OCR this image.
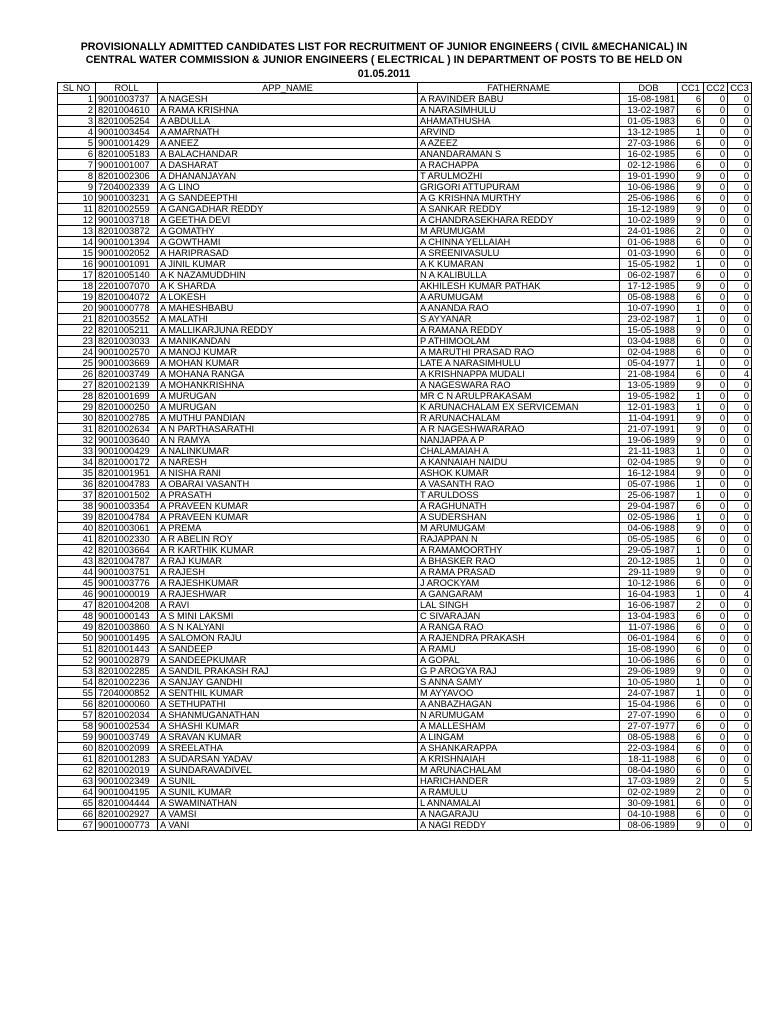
PROVISIONALLY ADMITTED CANDIDATES LIST FOR RECRUITMENT OF JUNIOR ENGINEERS ( CIVIL &MECHANICAL) IN
CENTRAL WATER COMMISSION & JUNIOR ENGINEERS ( ELECTRICAL ) IN DEPARTMENT OF POSTS TO BE HELD ON
01.05.2011
SL NO	ROLL	APP_NAME	FATHERNAME	DOB	CC1	CC2	CC3
1	9001003737	A NAGESH	A RAVINDER BABU	15-08-1981	6	0	0
2	8201004610	A RAMA KRISHNA	A NARASIMHULU	13-02-1987	6	0	0
3	8201005254	A ABDULLA	AHAMATHUSHA	01-05-1983	6	0	0
4	9001003454	A AMARNATH	ARVIND	13-12-1985	1	0	0
5	9001001429	A ANEEZ	A AZEEZ	27-03-1986	6	0	0
6	8201005183	A BALACHANDAR	ANANDARAMAN S	16-02-1985	6	0	0
7	9001001007	A DASHARAT	A RACHAPPA	02-12-1986	6	0	0
8	8201002306	A DHANANJAYAN	T ARULMOZHI	19-01-1990	9	0	0
9	7204002339	A G LINO	GRIGORI ATTUPURAM	10-06-1986	9	0	0
10	9001003231	A G SANDEEPTHI	A G KRISHNA MURTHY	25-06-1986	6	0	0
11	8201002559	A GANGADHAR REDDY	A SANKAR REDDY	15-12-1989	9	0	0
12	9001003718	A GEETHA DEVI	A CHANDRASEKHARA REDDY	10-02-1989	9	0	0
13	8201003872	A GOMATHY	M ARUMUGAM	24-01-1986	2	0	0
14	9001001394	A GOWTHAMI	A CHINNA YELLAIAH	01-06-1988	6	0	0
15	9001002052	A HARIPRASAD	A SREENIVASULU	01-03-1990	6	0	0
16	9001001091	A JINIL KUMAR	A K KUMARAN	15-05-1982	1	0	0
17	8201005140	A K NAZAMUDDHIN	N A KALIBULLA	06-02-1987	6	0	0
18	2201007070	A K SHARDA	AKHILESH KUMAR PATHAK	17-12-1985	9	0	0
19	8201004072	A LOKESH	A ARUMUGAM	05-08-1988	6	0	0
20	9001000778	A MAHESHBABU	A ANANDA RAO	10-07-1990	1	0	0
21	8201003552	A MALATHI	S AYYANAR	23-02-1987	1	0	0
22	8201005211	A MALLIKARJUNA REDDY	A RAMANA REDDY	15-05-1988	9	0	0
23	8201003033	A MANIKANDAN	P ATHIMOOLAM	03-04-1988	6	0	0
24	9001002570	A MANOJ KUMAR	A MARUTHI PRASAD RAO	02-04-1988	6	0	0
25	9001003669	A MOHAN KUMAR	LATE A NARASIMHULU	05-04-1977	1	0	0
26	8201003749	A MOHANA RANGA	A KRISHNAPPA MUDALI	21-08-1984	6	0	4
27	8201002139	A MOHANKRISHNA	A NAGESWARA RAO	13-05-1989	9	0	0
28	8201001699	A MURUGAN	MR C N ARULPRAKASAM	19-05-1982	1	0	0
29	8201000250	A MURUGAN	K ARUNACHALAM EX SERVICEMAN	12-01-1983	1	0	0
30	8201002785	A MUTHU PANDIAN	R ARUNACHALAM	11-04-1991	9	0	0
31	8201002634	A N PARTHASARATHI	A R NAGESHWARARAO	21-07-1991	9	0	0
32	9001003640	A N RAMYA	NANJAPPA A P	19-06-1989	9	0	0
33	9001000429	A NALINKUMAR	CHALAMAIAH A	21-11-1983	1	0	0
34	8201000172	A NARESH	A KANNAIAH NAIDU	02-04-1985	9	0	0
35	8201001951	A NISHA RANI	ASHOK KUMAR	16-12-1984	9	0	0
36	8201004783	A OBARAI VASANTH	A VASANTH RAO	05-07-1986	1	0	0
37	8201001502	A PRASATH	T ARULDOSS	25-06-1987	1	0	0
38	9001003354	A PRAVEEN KUMAR	A RAGHUNATH	29-04-1987	6	0	0
39	8201004784	A PRAVEEN KUMAR	A SUDERSHAN	02-05-1986	1	0	0
40	8201003061	A PREMA	M ARUMUGAM	04-06-1988	9	0	0
41	8201002330	A R ABELIN ROY	RAJAPPAN N	05-05-1985	6	0	0
42	8201003664	A R KARTHIK KUMAR	A RAMAMOORTHY	29-05-1987	1	0	0
43	8201004787	A RAJ KUMAR	A BHASKER RAO	20-12-1985	1	0	0
44	9001003751	A RAJESH	A RAMA PRASAD	29-11-1989	9	0	0
45	9001003776	A RAJESHKUMAR	J AROCKYAM	10-12-1986	6	0	0
46	9001000019	A RAJESHWAR	A GANGARAM	16-04-1983	1	0	4
47	8201004208	A RAVI	LAL SINGH	16-06-1987	2	0	0
48	9001000143	A S MINI LAKSMI	C SIVARAJAN	13-04-1983	6	0	0
49	8201003860	A S N KALYANI	A RANGA RAO	11-07-1986	6	0	0
50	9001001495	A SALOMON RAJU	A RAJENDRA PRAKASH	06-01-1984	6	0	0
51	8201001443	A SANDEEP	A RAMU	15-08-1990	6	0	0
52	9001002879	A SANDEEPKUMAR	A GOPAL	10-06-1986	6	0	0
53	8201002285	A SANDIL PRAKASH RAJ	G P AROGYA RAJ	29-06-1989	9	0	0
54	8201002236	A SANJAY GANDHI	S ANNA SAMY	10-05-1980	1	0	0
55	7204000852	A SENTHIL KUMAR	M AYYAVOO	24-07-1987	1	0	0
56	8201000060	A SETHUPATHI	A ANBAZHAGAN	15-04-1986	6	0	0
57	8201002034	A SHANMUGANATHAN	N ARUMUGAM	27-07-1990	6	0	0
58	9001002534	A SHASHI KUMAR	A MALLESHAM	27-07-1977	6	0	0
59	9001003749	A SRAVAN KUMAR	A LINGAM	08-05-1988	6	0	0
60	8201002099	A SREELATHA	A SHANKARAPPA	22-03-1984	6	0	0
61	8201001283	A SUDARSAN YADAV	A KRISHNAIAH	18-11-1988	6	0	0
62	8201002019	A SUNDARAVADIVEL	M ARUNACHALAM	08-04-1980	6	0	0
63	9001002349	A SUNIL	HARICHANDER	17-03-1989	2	0	5
64	9001004195	A SUNIL KUMAR	A RAMULU	02-02-1989	2	0	0
65	8201004444	A SWAMINATHAN	L ANNAMALAI	30-09-1981	6	0	0
66	8201002927	A VAMSI	A NAGARAJU	04-10-1988	6	0	0
67	9001000773	A VANI	A NAGI REDDY	08-06-1989	9	0	0
